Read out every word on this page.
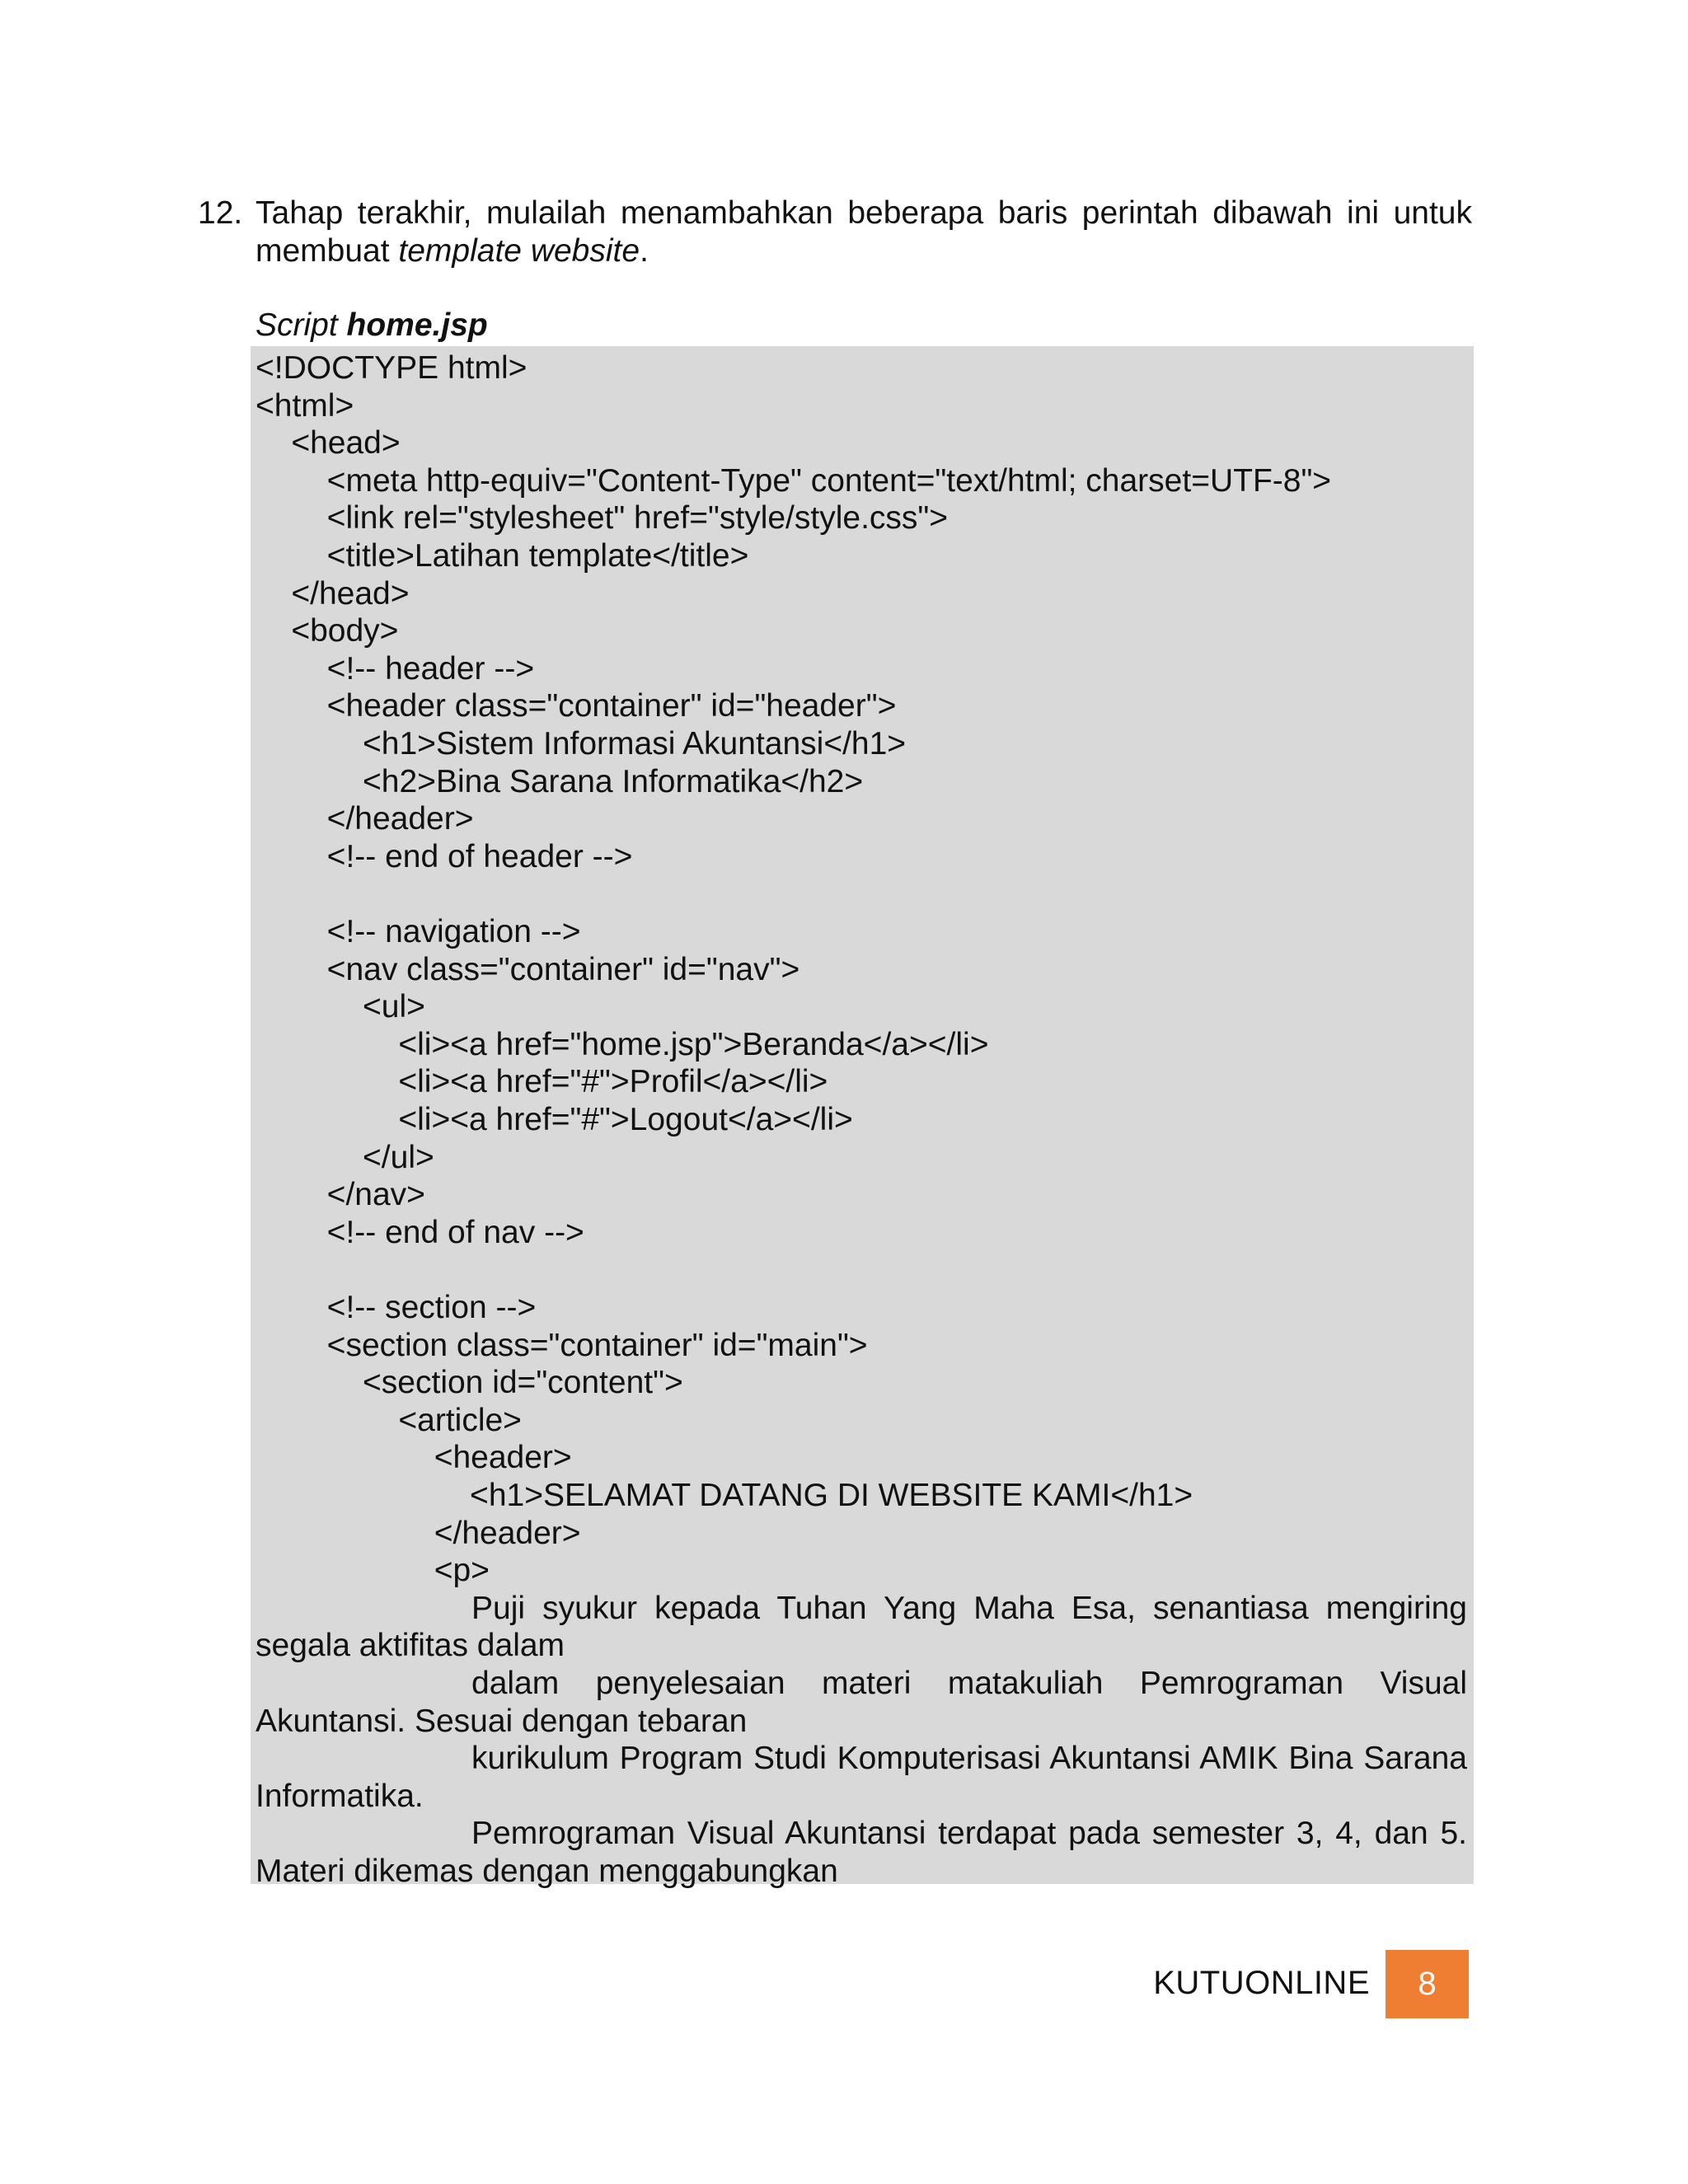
12. Tahap terakhir, mulailah menambahkan beberapa baris perintah dibawah ini untuk membuat template website.
Script home.jsp
<!DOCTYPE html>
<html>
<head>
<meta http-equiv="Content-Type" content="text/html; charset=UTF-8">
<link rel="stylesheet" href="style/style.css">
<title>Latihan template</title>
</head>
<body>
<!-- header -->
<header class="container" id="header">
<h1>Sistem Informasi Akuntansi</h1>
<h2>Bina Sarana Informatika</h2>
</header>
<!-- end of header -->
<!-- navigation -->
<nav class="container" id="nav">
<ul>
<li><a href="home.jsp">Beranda</a></li>
<li><a href="#">Profil</a></li>
<li><a href="#">Logout</a></li>
</ul>
</nav>
<!-- end of nav -->
<!-- section -->
<section class="container" id="main">
<section id="content">
<article>
<header>
<h1>SELAMAT DATANG DI WEBSITE KAMI</h1>
</header>
<p>
Puji syukur kepada Tuhan Yang Maha Esa, senantiasa mengiring
segala aktifitas dalam
dalam penyelesaian materi matakuliah Pemrograman Visual
Akuntansi. Sesuai dengan tebaran
kurikulum Program Studi Komputerisasi Akuntansi AMIK Bina Sarana
Informatika.
Pemrograman Visual Akuntansi terdapat pada semester 3, 4, dan 5.
Materi dikemas dengan menggabungkan
KUTUONLINE	8
